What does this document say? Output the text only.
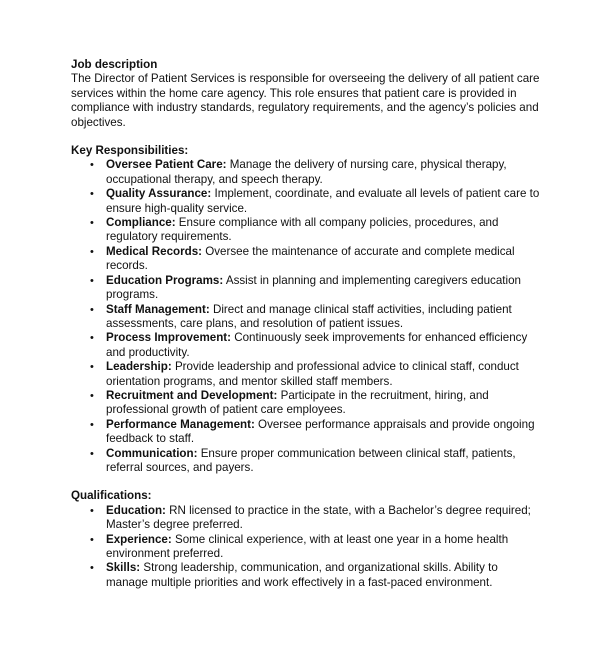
Job description
The Director of Patient Services is responsible for overseeing the delivery of all patient care services within the home care agency. This role ensures that patient care is provided in compliance with industry standards, regulatory requirements, and the agency’s policies and objectives.
Key Responsibilities:
• Oversee Patient Care: Manage the delivery of nursing care, physical therapy, occupational therapy, and speech therapy.
• Quality Assurance: Implement, coordinate, and evaluate all levels of patient care to ensure high-quality service.
• Compliance: Ensure compliance with all company policies, procedures, and regulatory requirements.
• Medical Records: Oversee the maintenance of accurate and complete medical records.
• Education Programs: Assist in planning and implementing caregivers education programs.
• Staff Management: Direct and manage clinical staff activities, including patient assessments, care plans, and resolution of patient issues.
• Process Improvement: Continuously seek improvements for enhanced efficiency and productivity.
• Leadership: Provide leadership and professional advice to clinical staff, conduct orientation programs, and mentor skilled staff members.
• Recruitment and Development: Participate in the recruitment, hiring, and professional growth of patient care employees.
• Performance Management: Oversee performance appraisals and provide ongoing feedback to staff.
• Communication: Ensure proper communication between clinical staff, patients, referral sources, and payers.
Qualifications:
• Education: RN licensed to practice in the state, with a Bachelor’s degree required; Master’s degree preferred.
• Experience: Some clinical experience, with at least one year in a home health environment preferred.
• Skills: Strong leadership, communication, and organizational skills. Ability to manage multiple priorities and work effectively in a fast-paced environment.
